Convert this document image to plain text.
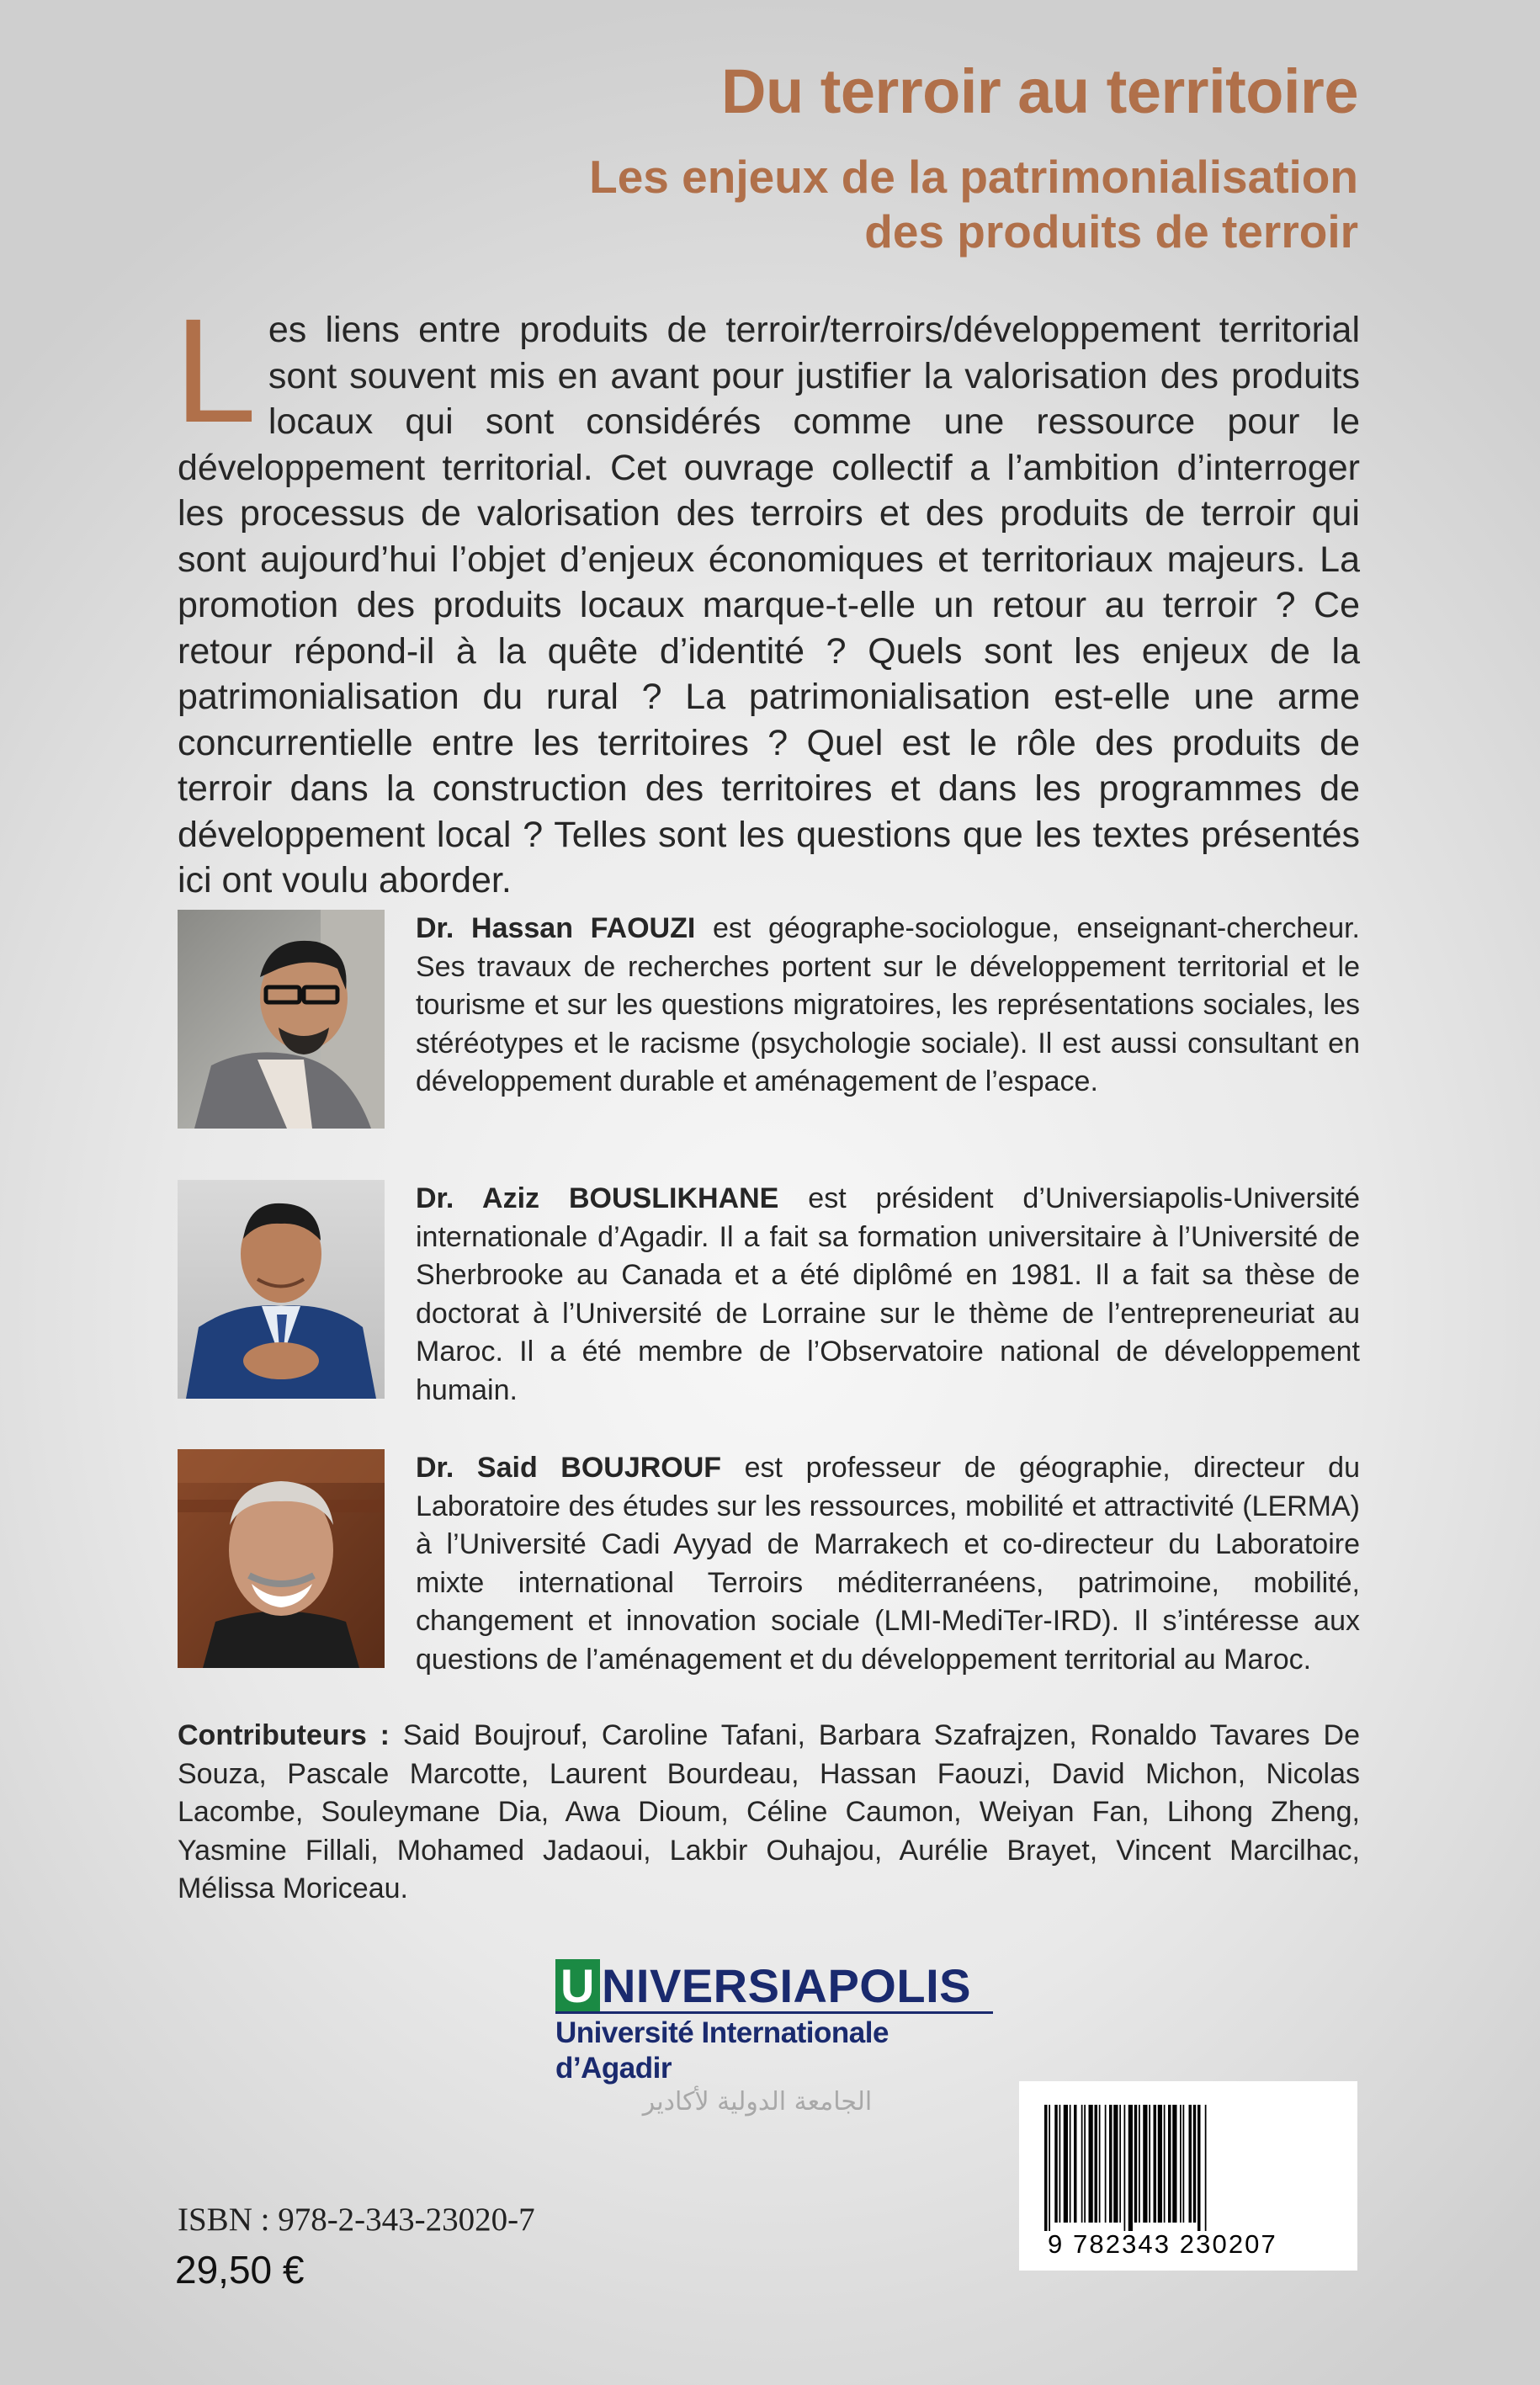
Du terroir au territoire
Les enjeux de la patrimonialisation
des produits de terroir

Les liens entre produits de terroir/terroirs/développement territorial sont souvent mis en avant pour justifier la valorisation des produits locaux qui sont considérés comme une ressource pour le développement territorial. Cet ouvrage collectif a l’ambition d’interroger les processus de valorisation des terroirs et des produits de terroir qui sont aujourd’hui l’objet d’enjeux économiques et territoriaux majeurs. La promotion des produits locaux marque-t-elle un retour au terroir ? Ce retour répond-il à la quête d’identité ? Quels sont les enjeux de la patrimonialisation du rural ? La patrimonialisation est-elle une arme concurrentielle entre les territoires ? Quel est le rôle des produits de terroir dans la construction des territoires et dans les programmes de développement local ? Telles sont les questions que les textes présentés ici ont voulu aborder.

Dr. Hassan FAOUZI est géographe-sociologue, enseignant-chercheur. Ses travaux de recherches portent sur le développement territorial et le tourisme et sur les questions migratoires, les représentations sociales, les stéréotypes et le racisme (psychologie sociale). Il est aussi consultant en développement durable et aménagement de l’espace.

Dr. Aziz BOUSLIKHANE est président d’Universiapolis-Université internationale d’Agadir. Il a fait sa formation universitaire à l’Université de Sherbrooke au Canada et a été diplômé en 1981. Il a fait sa thèse de doctorat à l’Université de Lorraine sur le thème de l’entrepreneuriat au Maroc. Il a été membre de l’Observatoire national de développement humain.

Dr. Said BOUJROUF est professeur de géographie, directeur du Laboratoire des études sur les ressources, mobilité et attractivité (LERMA) à l’Université Cadi Ayyad de Marrakech et co-directeur du Laboratoire mixte international Terroirs méditerranéens, patrimoine, mobilité, changement et innovation sociale (LMI-MediTer-IRD). Il s’intéresse aux questions de l’aménagement et du développement territorial au Maroc.

Contributeurs : Said Boujrouf, Caroline Tafani, Barbara Szafrajzen, Ronaldo Tavares De Souza, Pascale Marcotte, Laurent Bourdeau, Hassan Faouzi, David Michon, Nicolas Lacombe, Souleymane Dia, Awa Dioum, Céline Caumon, Weiyan Fan, Lihong Zheng, Yasmine Fillali, Mohamed Jadaoui, Lakbir Ouhajou, Aurélie Brayet, Vincent Marcilhac, Mélissa Moriceau.

U NIVERSIAPOLIS
Université Internationale d’Agadir
الجامعة الدولية لأكادير
ISBN : 978-2-343-23020-7
29,50 €
9 782343 230207
